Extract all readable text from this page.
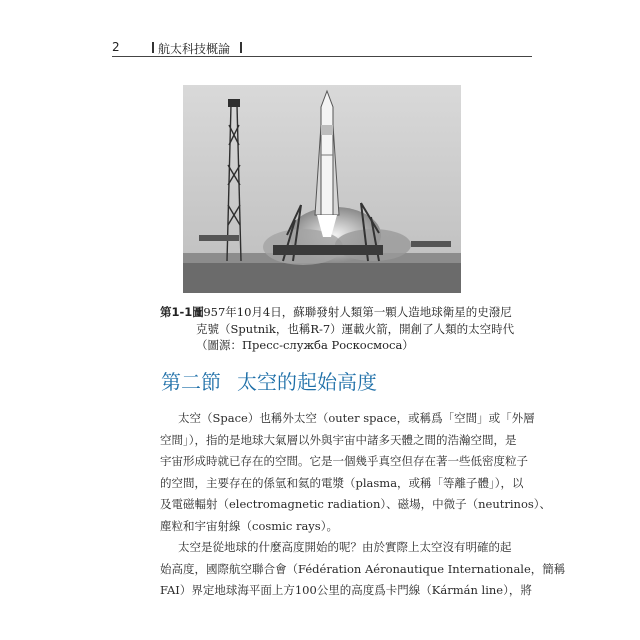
2	航太科技概論
第1-1圖
1957年10月4日，蘇聯發射人類第一顆人造地球衛星的史潑尼
克號（Sputnik，也稱R-7）運載火箭，開創了人類的太空時代
（圖源：Пресс-служба Роскосмоса）
第二節 太空的起始高度
太空（Space）也稱外太空（outer space，或稱爲「空間」或「外層
空間」），指的是地球大氣層以外與宇宙中諸多天體之間的浩瀚空間，是
宇宙形成時就已存在的空間。它是一個幾乎真空但存在著一些低密度粒子
的空間，主要存在的係氫和氦的電漿（plasma，或稱「等離子體」），以
及電磁輻射（electromagnetic radiation）、磁場，中微子（neutrinos）、
塵粒和宇宙射線（cosmic rays）。
太空是從地球的什麼高度開始的呢？由於實際上太空沒有明確的起
始高度，國際航空聯合會（Fédération Aéronautique Internationale，簡稱
FAI）界定地球海平面上方100公里的高度爲卡門線（Kármán line），將
